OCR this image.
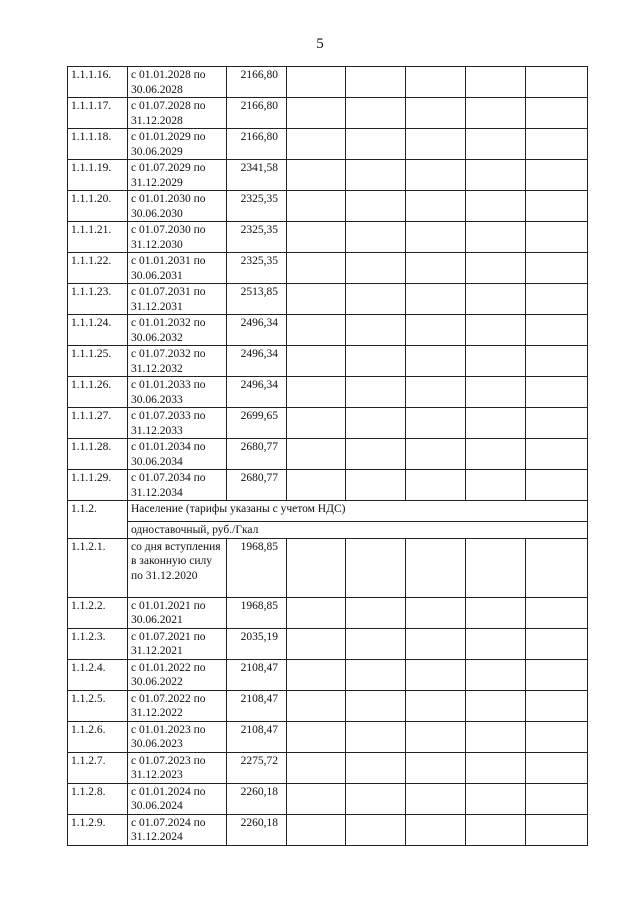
5
1.1.1.16.	с 01.01.2028 по 30.06.2028	2166,80					
1.1.1.17.	с 01.07.2028 по 31.12.2028	2166,80					
1.1.1.18.	с 01.01.2029 по 30.06.2029	2166,80					
1.1.1.19.	с 01.07.2029 по 31.12.2029	2341,58					
1.1.1.20.	с 01.01.2030 по 30.06.2030	2325,35					
1.1.1.21.	с 01.07.2030 по 31.12.2030	2325,35					
1.1.1.22.	с 01.01.2031 по 30.06.2031	2325,35					
1.1.1.23.	с 01.07.2031 по 31.12.2031	2513,85					
1.1.1.24.	с 01.01.2032 по 30.06.2032	2496,34					
1.1.1.25.	с 01.07.2032 по 31.12.2032	2496,34					
1.1.1.26.	с 01.01.2033 по 30.06.2033	2496,34					
1.1.1.27.	с 01.07.2033 по 31.12.2033	2699,65					
1.1.1.28.	с 01.01.2034 по 30.06.2034	2680,77					
1.1.1.29.	с 01.07.2034 по 31.12.2034	2680,77					
1.1.2.	Население (тарифы указаны с учетом НДС)						
	одноставочный, руб./Гкал						
1.1.2.1.	со дня вступления в законную силу по 31.12.2020	1968,85					
1.1.2.2.	с 01.01.2021 по 30.06.2021	1968,85					
1.1.2.3.	с 01.07.2021 по 31.12.2021	2035,19					
1.1.2.4.	с 01.01.2022 по 30.06.2022	2108,47					
1.1.2.5.	с 01.07.2022 по 31.12.2022	2108,47					
1.1.2.6.	с 01.01.2023 по 30.06.2023	2108,47					
1.1.2.7.	с 01.07.2023 по 31.12.2023	2275,72					
1.1.2.8.	с 01.01.2024 по 30.06.2024	2260,18					
1.1.2.9.	с 01.07.2024 по 31.12.2024	2260,18					
